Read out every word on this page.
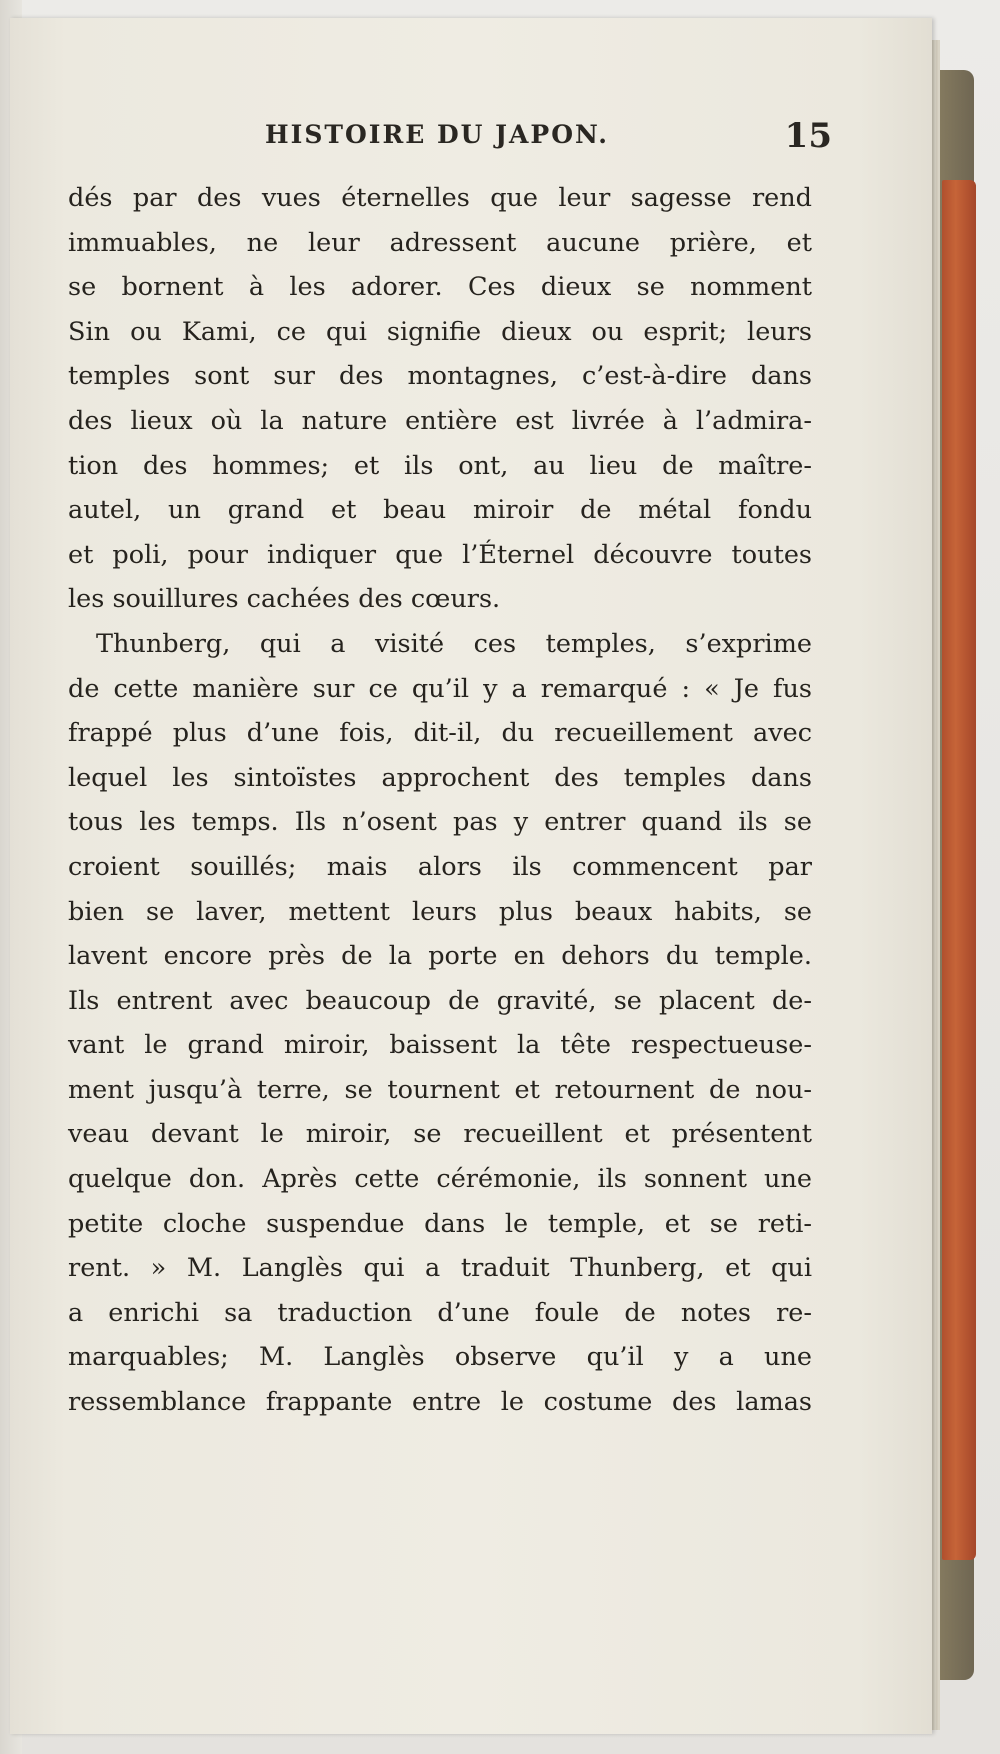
HISTOIRE DU JAPON.	15
dés par des vues éternelles que leur sagesse rend
immuables, ne leur adressent aucune prière, et
se bornent à les adorer. Ces dieux se nomment
Sin ou Kami, ce qui signifie dieux ou esprit; leurs
temples sont sur des montagnes, c’est-à-dire dans
des lieux où la nature entière est livrée à l’admira-
tion des hommes; et ils ont, au lieu de maître-
autel, un grand et beau miroir de métal fondu
et poli, pour indiquer que l’Éternel découvre toutes
les souillures cachées des cœurs.
Thunberg, qui a visité ces temples, s’exprime
de cette manière sur ce qu’il y a remarqué : « Je fus
frappé plus d’une fois, dit-il, du recueillement avec
lequel les sintoïstes approchent des temples dans
tous les temps. Ils n’osent pas y entrer quand ils se
croient souillés; mais alors ils commencent par
bien se laver, mettent leurs plus beaux habits, se
lavent encore près de la porte en dehors du temple.
Ils entrent avec beaucoup de gravité, se placent de-
vant le grand miroir, baissent la tête respectueuse-
ment jusqu’à terre, se tournent et retournent de nou-
veau devant le miroir, se recueillent et présentent
quelque don. Après cette cérémonie, ils sonnent une
petite cloche suspendue dans le temple, et se reti-
rent. » M. Langlès qui a traduit Thunberg, et qui
a enrichi sa traduction d’une foule de notes re-
marquables; M. Langlès observe qu’il y a une
ressemblance frappante entre le costume des lamas
